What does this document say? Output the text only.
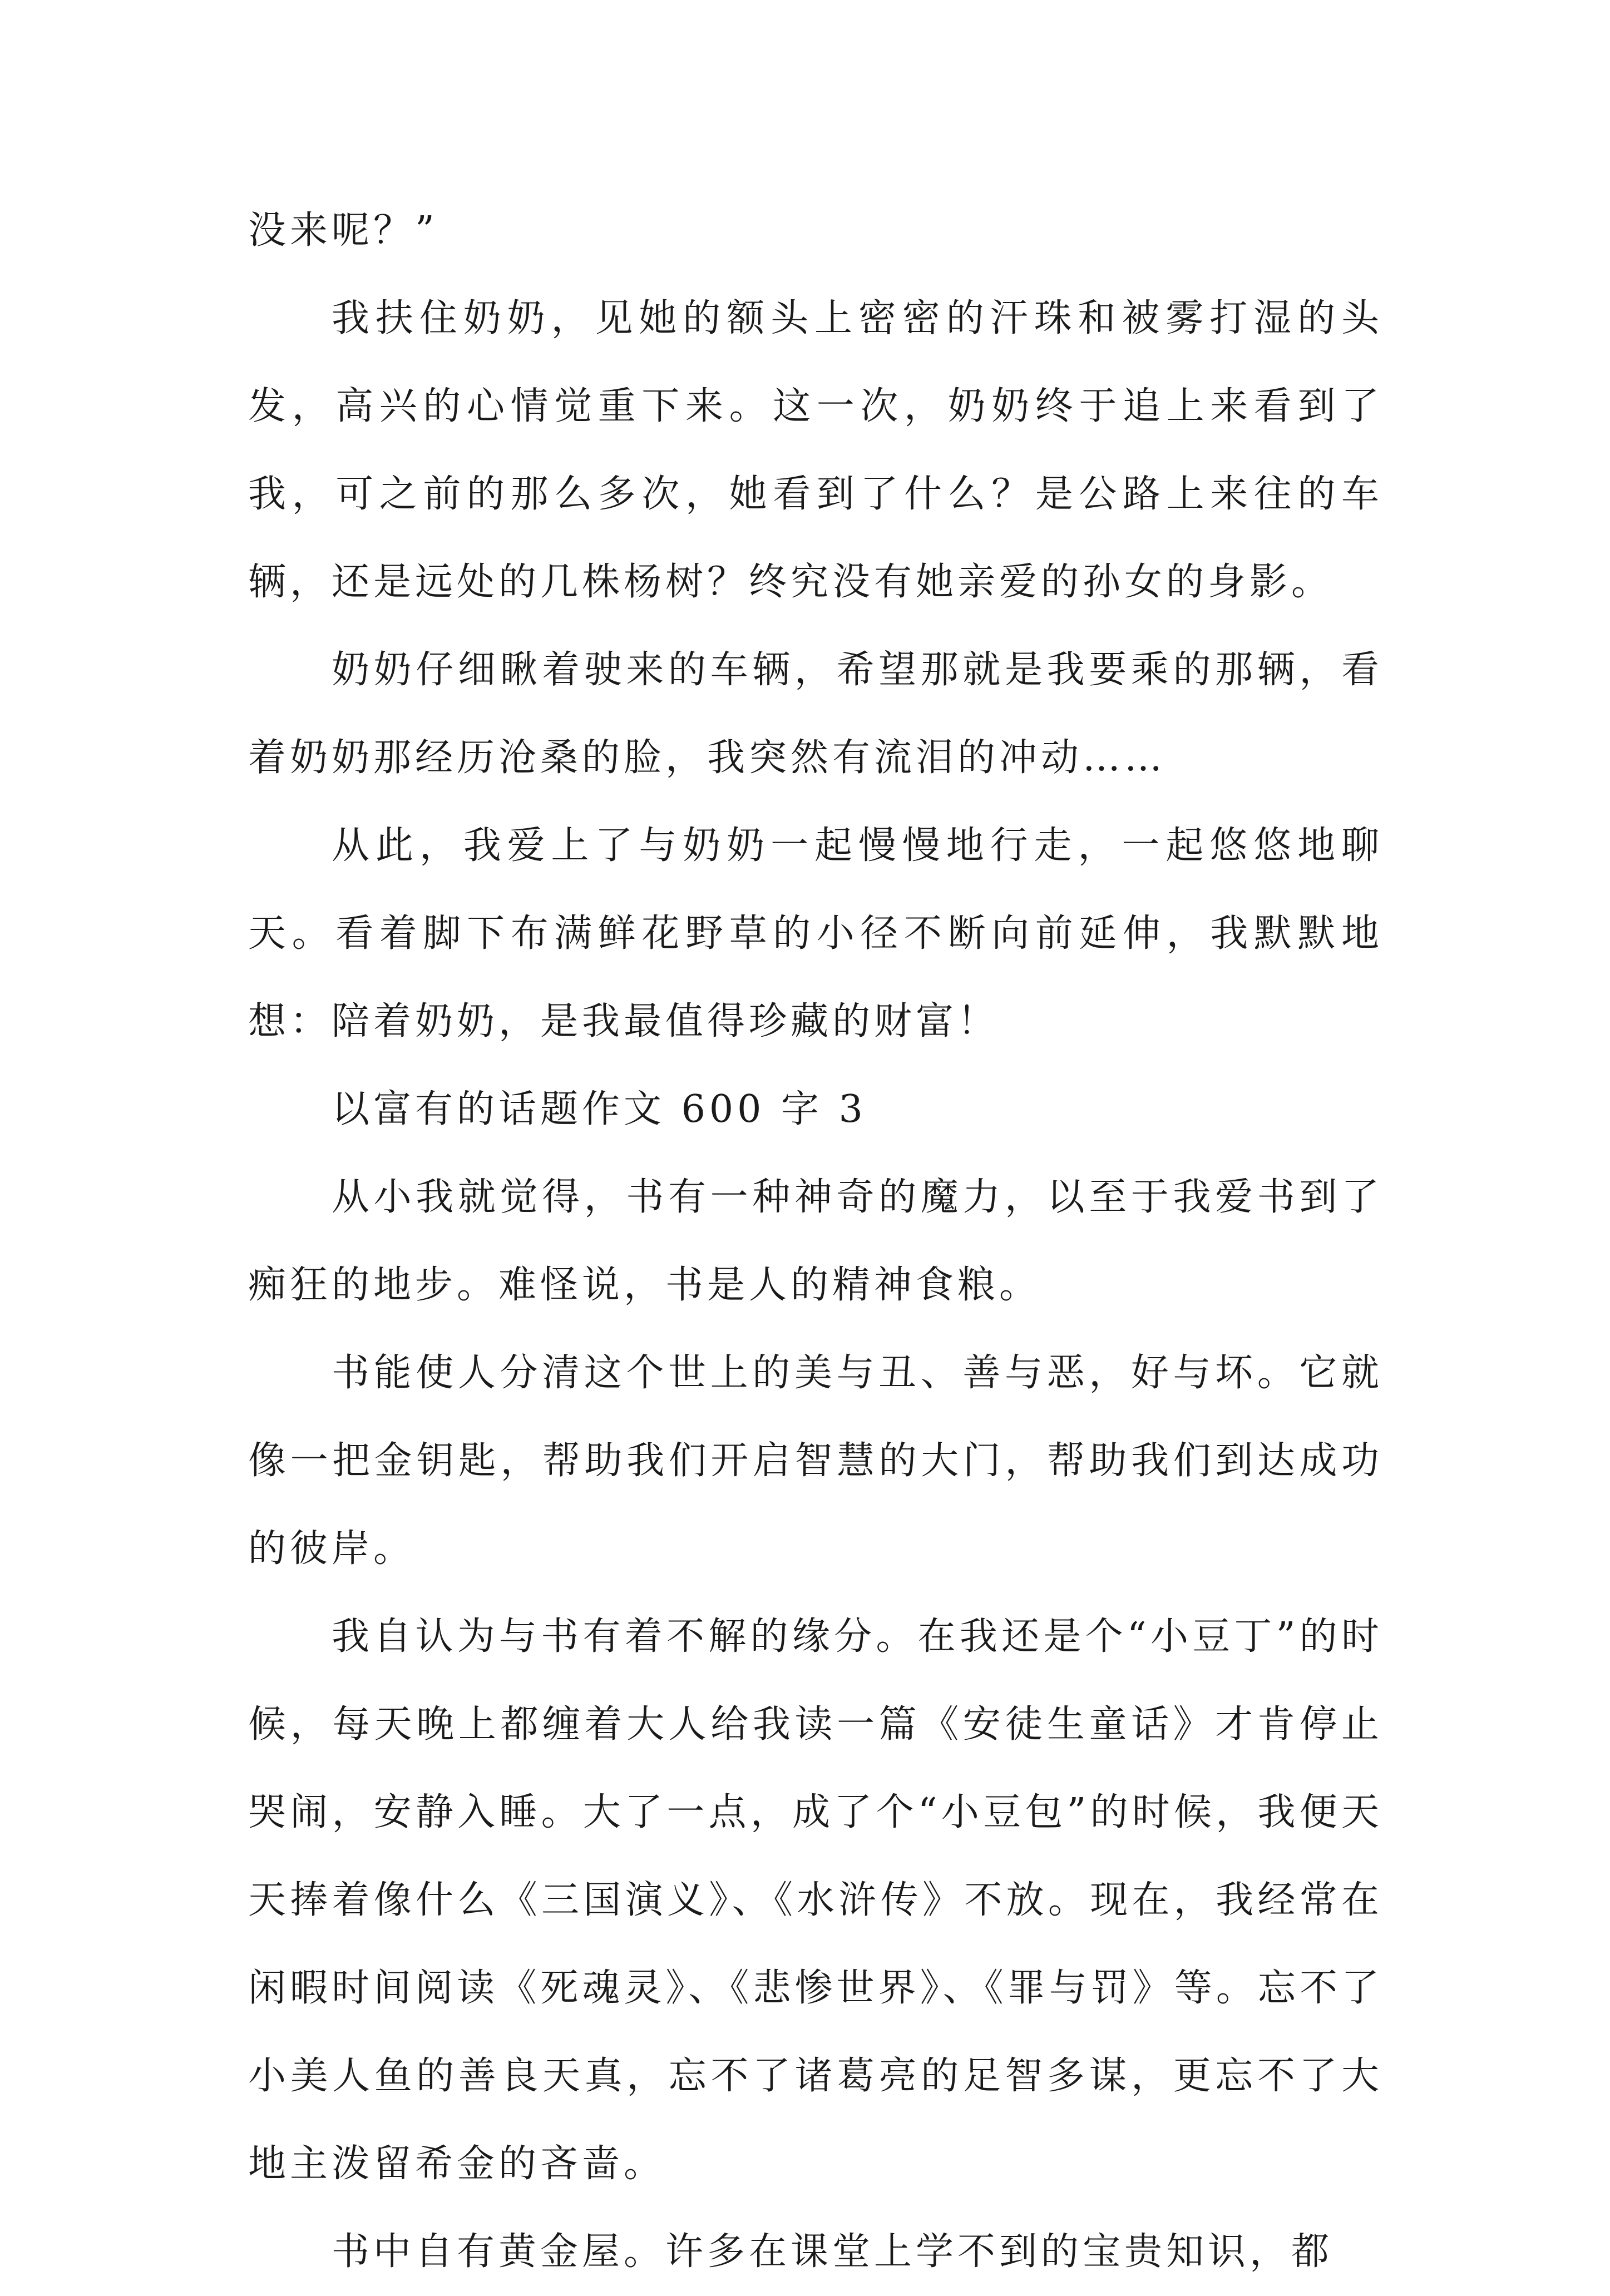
没来呢？”

我扶住奶奶，见她的额头上密密的汗珠和被雾打湿的头发，高兴的心情觉重下来。这一次，奶奶终于追上来看到了我，可之前的那么多次，她看到了什么？是公路上来往的车辆，还是远处的几株杨树？终究没有她亲爱的孙女的身影。

奶奶仔细瞅着驶来的车辆，希望那就是我要乘的那辆，看着奶奶那经历沧桑的脸，我突然有流泪的冲动……

从此，我爱上了与奶奶一起慢慢地行走，一起悠悠地聊天。看着脚下布满鲜花野草的小径不断向前延伸，我默默地想：陪着奶奶，是我最值得珍藏的财富！

以富有的话题作文 600 字 3

从小我就觉得，书有一种神奇的魔力，以至于我爱书到了痴狂的地步。难怪说，书是人的精神食粮。

书能使人分清这个世上的美与丑、善与恶，好与坏。它就像一把金钥匙，帮助我们开启智慧的大门，帮助我们到达成功的彼岸。

我自认为与书有着不解的缘分。在我还是个“小豆丁”的时候，每天晚上都缠着大人给我读一篇《安徒生童话》才肯停止哭闹，安静入睡。大了一点，成了个“小豆包”的时候，我便天天捧着像什么《三国演义》、《水浒传》不放。现在，我经常在闲暇时间阅读《死魂灵》、《悲惨世界》、《罪与罚》等。忘不了小美人鱼的善良天真，忘不了诸葛亮的足智多谋，更忘不了大地主泼留希金的吝啬。

书中自有黄金屋。许多在课堂上学不到的宝贵知识，都
